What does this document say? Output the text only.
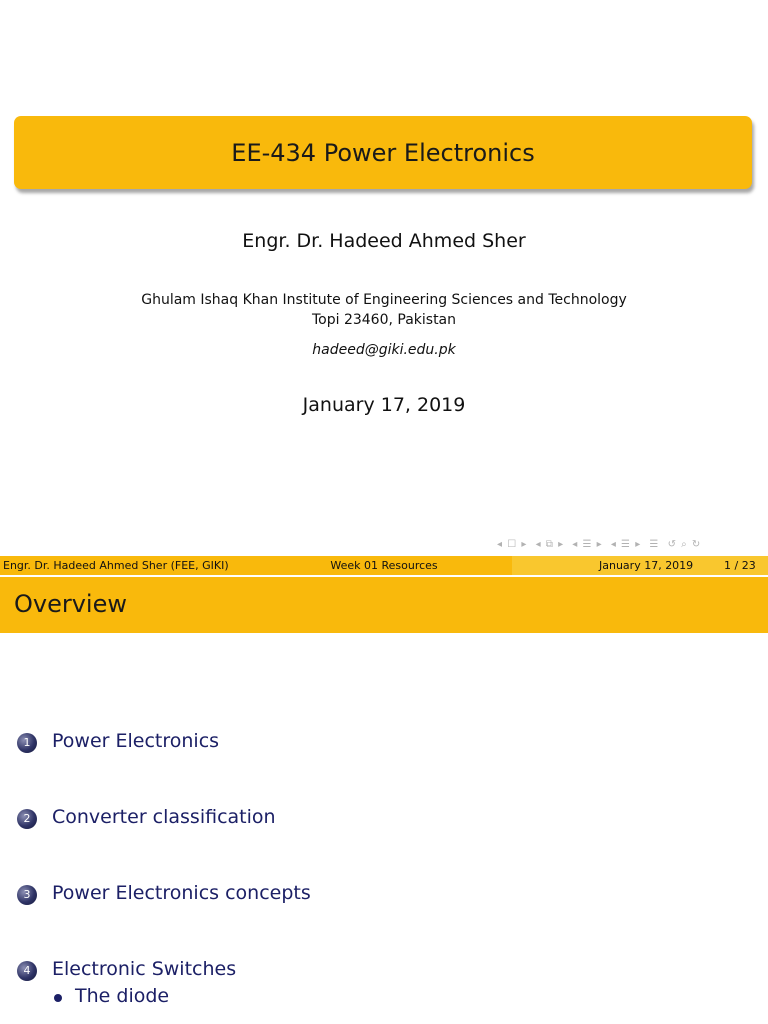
EE-434 Power Electronics
Engr. Dr. Hadeed Ahmed Sher
Ghulam Ishaq Khan Institute of Engineering Sciences and Technology
Topi 23460, Pakistan
hadeed@giki.edu.pk
January 17, 2019
◂ ☐ ▸ ◂ ⧉ ▸ ◂ ☰ ▸ ◂ ☰ ▸ ☰ ↺ ⌕ ↻
Engr. Dr. Hadeed Ahmed Sher (FEE, GIKI)	Week 01 Resources	January 17, 2019	1 / 23
Overview
1	Power Electronics
2	Converter classification
3	Power Electronics concepts
4	Electronic Switches
The diode
